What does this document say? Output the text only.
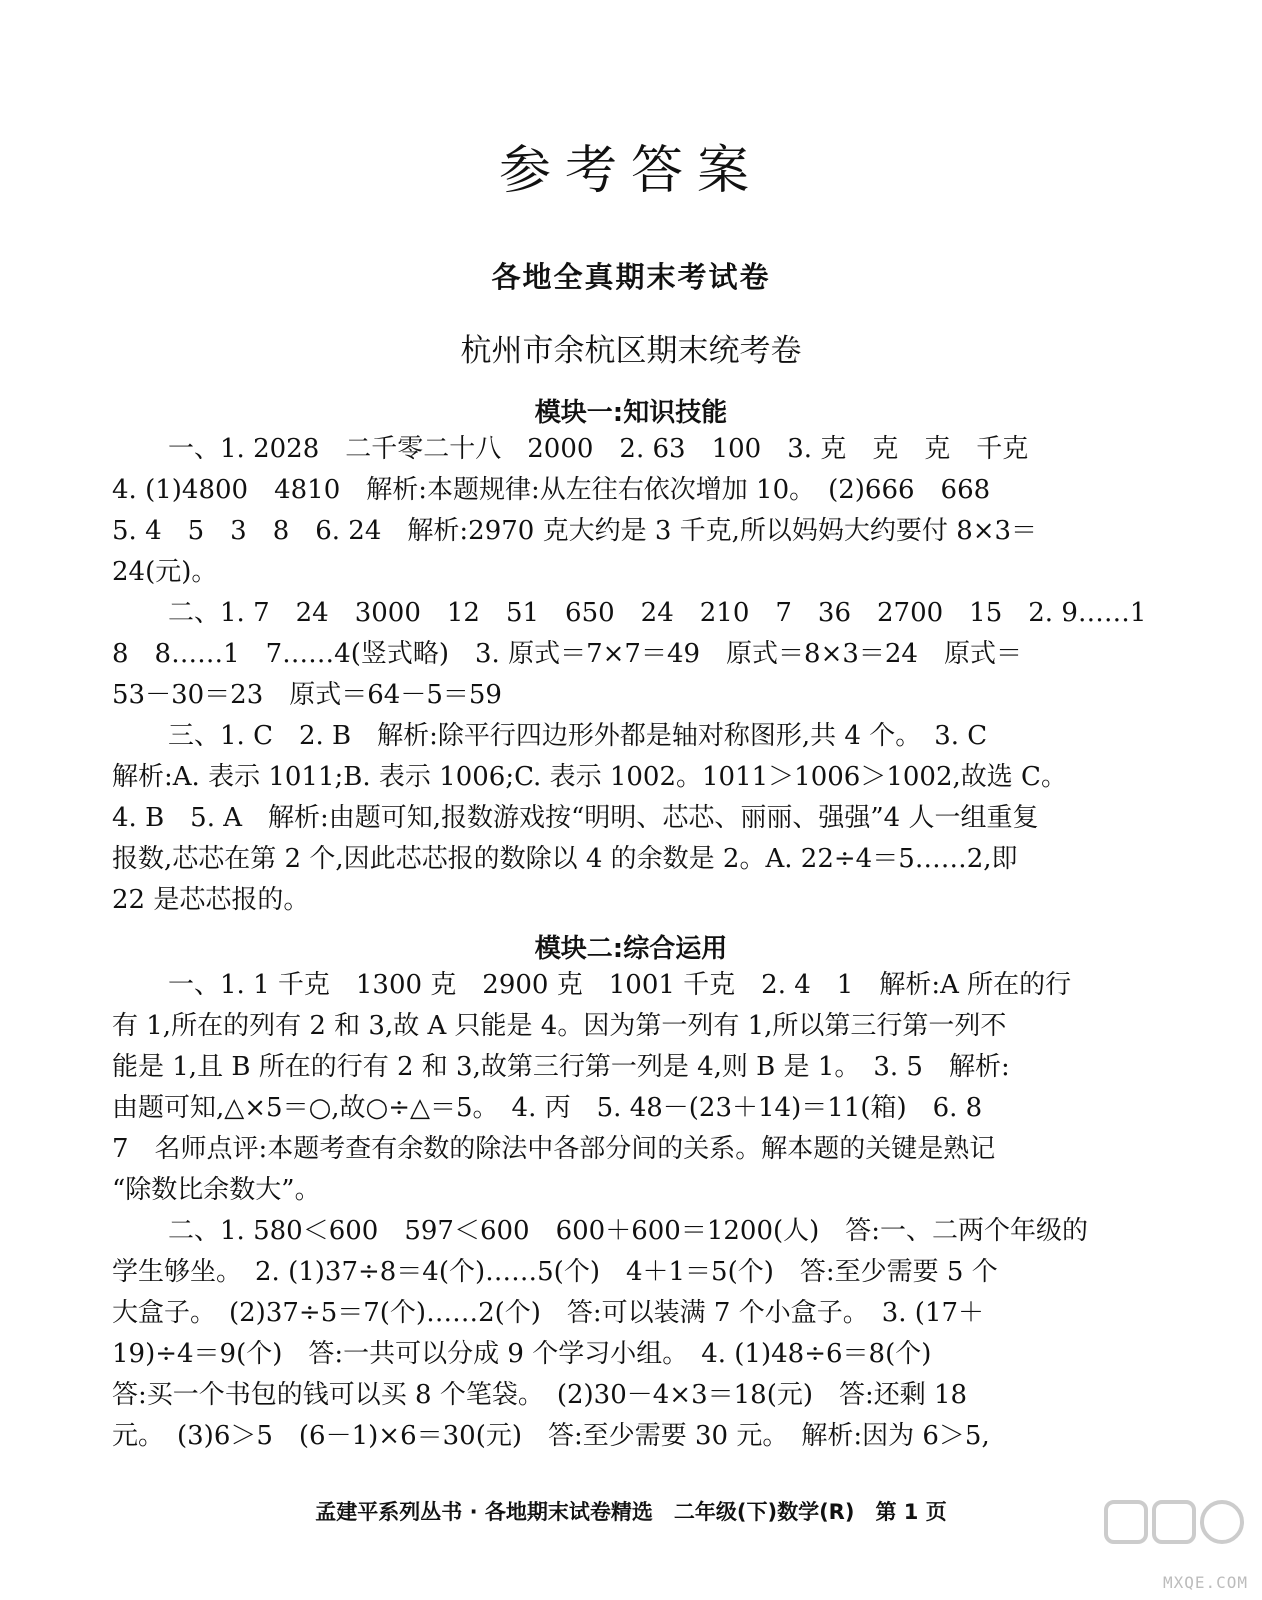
参考答案
各地全真期末考试卷
杭州市余杭区期末统考卷
模块一:知识技能
一、1. 2028　二千零二十八　2000　2. 63　100　3. 克　克　克　千克
4. (1)4800　4810　解析:本题规律:从左往右依次增加 10。　(2)666　668
5. 4　5　3　8　6. 24　解析:2970 克大约是 3 千克,所以妈妈大约要付 8×3＝
24(元)。
二、1. 7　24　3000　12　51　650　24　210　7　36　2700　15　2. 9……1
8　8……1　7……4(竖式略)　3. 原式＝7×7＝49　原式＝8×3＝24　原式＝
53－30＝23　原式＝64－5＝59
三、1. C　2. B　解析:除平行四边形外都是轴对称图形,共 4 个。　3. C
解析:A. 表示 1011;B. 表示 1006;C. 表示 1002。1011＞1006＞1002,故选 C。
4. B　5. A　解析:由题可知,报数游戏按“明明、芯芯、丽丽、强强”4 人一组重复
报数,芯芯在第 2 个,因此芯芯报的数除以 4 的余数是 2。A. 22÷4＝5……2,即
22 是芯芯报的。
模块二:综合运用
一、1. 1 千克　1300 克　2900 克　1001 千克　2. 4　1　解析:A 所在的行
有 1,所在的列有 2 和 3,故 A 只能是 4。因为第一列有 1,所以第三行第一列不
能是 1,且 B 所在的行有 2 和 3,故第三行第一列是 4,则 B 是 1。　3. 5　解析:
由题可知,△×5＝○,故○÷△＝5。　4. 丙　5. 48－(23＋14)＝11(箱)　6. 8
7　名师点评:本题考查有余数的除法中各部分间的关系。解本题的关键是熟记
“除数比余数大”。
二、1. 580＜600　597＜600　600＋600＝1200(人)　答:一、二两个年级的
学生够坐。　2. (1)37÷8＝4(个)……5(个)　4＋1＝5(个)　答:至少需要 5 个
大盒子。　(2)37÷5＝7(个)……2(个)　答:可以装满 7 个小盒子。　3. (17＋
19)÷4＝9(个)　答:一共可以分成 9 个学习小组。　4. (1)48÷6＝8(个)
答:买一个书包的钱可以买 8 个笔袋。　(2)30－4×3＝18(元)　答:还剩 18
元。　(3)6＞5　(6－1)×6＝30(元)　答:至少需要 30 元。　解析:因为 6＞5,
孟建平系列丛书 · 各地期末试卷精选　二年级(下)数学(R)　第 1 页
MXQE.COM
